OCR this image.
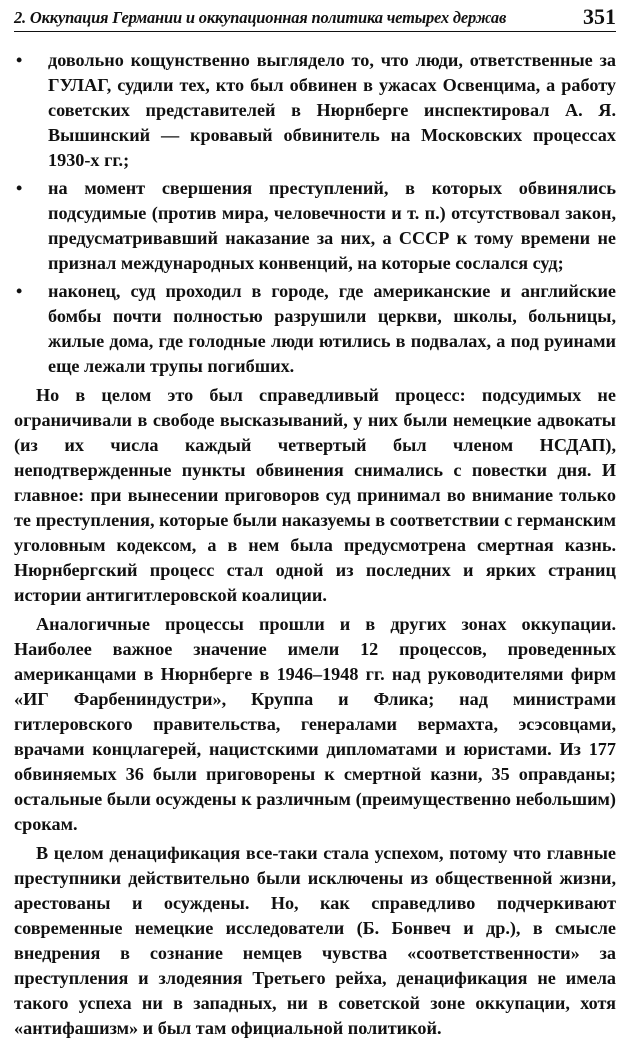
2. Оккупация Германии и оккупационная политика четырех держав	351
• довольно кощунственно выглядело то, что люди, ответственные за ГУЛАГ, судили тех, кто был обвинен в ужасах Освенцима, а работу советских представителей в Нюрнберге инспектировал А. Я. Вышинский — кровавый обвинитель на Московских процессах 1930-х гг.;
• на момент свершения преступлений, в которых обвинялись подсудимые (против мира, человечности и т. п.) отсутствовал закон, предусматривавший наказание за них, а СССР к тому времени не признал международных конвенций, на которые сослался суд;
• наконец, суд проходил в городе, где американские и английские бомбы почти полностью разрушили церкви, школы, больницы, жилые дома, где голодные люди ютились в подвалах, а под руинами еще лежали трупы погибших.

Но в целом это был справедливый процесс: подсудимых не ограничивали в свободе высказываний, у них были немецкие адвокаты (из их числа каждый четвертый был членом НСДАП), неподтвержденные пункты обвинения снимались с повестки дня. И главное: при вынесении приговоров суд принимал во внимание только те преступления, которые были наказуемы в соответствии с германским уголовным кодексом, а в нем была предусмотрена смертная казнь. Нюрнбергский процесс стал одной из последних и ярких страниц истории антигитлеровской коалиции.

Аналогичные процессы прошли и в других зонах оккупации. Наиболее важное значение имели 12 процессов, проведенных американцами в Нюрнберге в 1946–1948 гг. над руководителями фирм «ИГ Фарбениндустри», Круппа и Флика; над министрами гитлеровского правительства, генералами вермахта, эсэсовцами, врачами концлагерей, нацистскими дипломатами и юристами. Из 177 обвиняемых 36 были приговорены к смертной казни, 35 оправданы; остальные были осуждены к различным (преимущественно небольшим) срокам.

В целом денацификация все-таки стала успехом, потому что главные преступники действительно были исключены из общественной жизни, арестованы и осуждены. Но, как справедливо подчеркивают современные немецкие исследователи (Б. Бонвеч и др.), в смысле внедрения в сознание немцев чувства «соответственности» за преступления и злодеяния Третьего рейха, денацификация не имела такого успеха ни в западных, ни в советской зоне оккупации, хотя «антифашизм» и был там официальной политикой.
